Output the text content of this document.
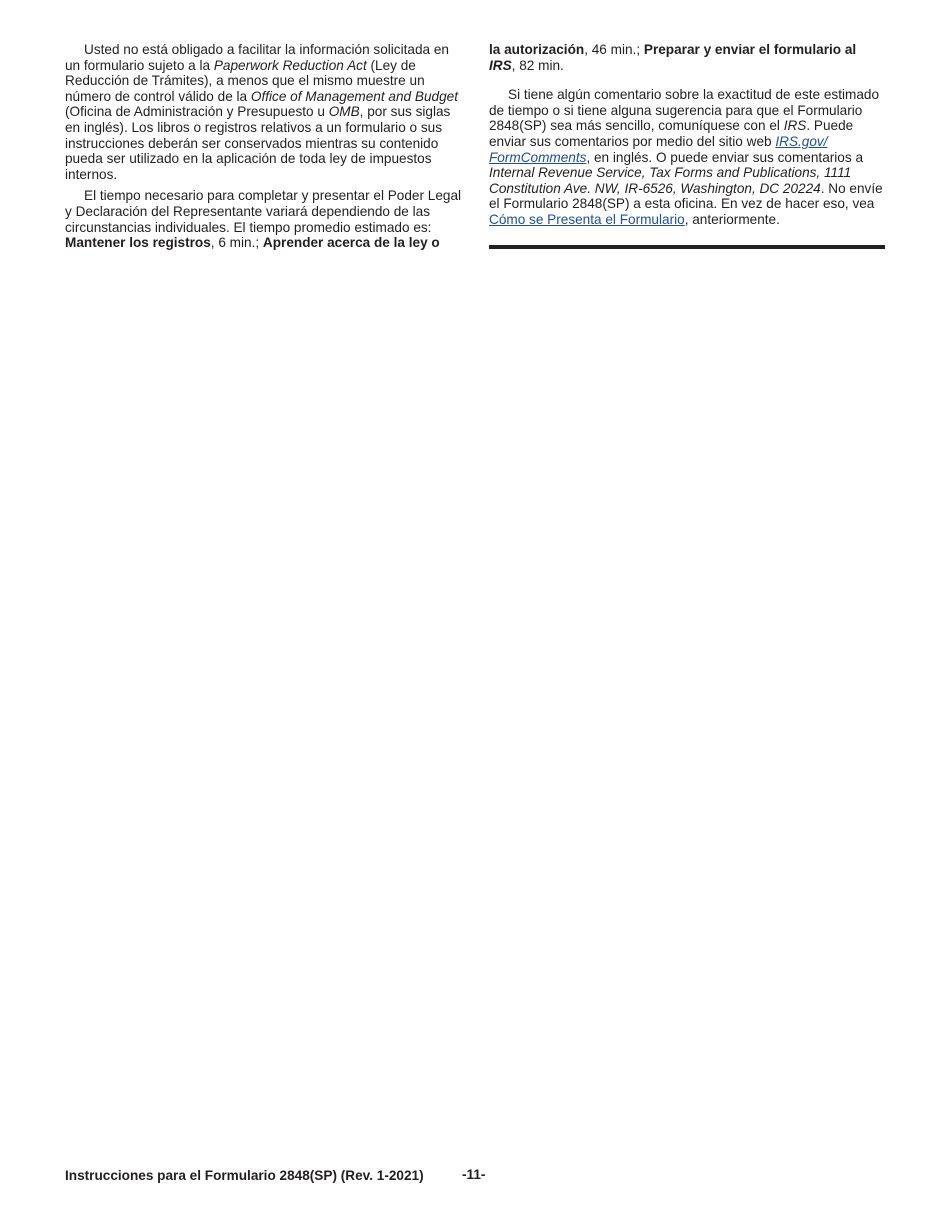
Usted no está obligado a facilitar la información solicitada en un formulario sujeto a la Paperwork Reduction Act (Ley de Reducción de Trámites), a menos que el mismo muestre un número de control válido de la Office of Management and Budget (Oficina de Administración y Presupuesto u OMB, por sus siglas en inglés). Los libros o registros relativos a un formulario o sus instrucciones deberán ser conservados mientras su contenido pueda ser utilizado en la aplicación de toda ley de impuestos internos.

El tiempo necesario para completar y presentar el Poder Legal y Declaración del Representante variará dependiendo de las circunstancias individuales. El tiempo promedio estimado es: Mantener los registros, 6 min.; Aprender acerca de la ley o

la autorización, 46 min.; Preparar y enviar el formulario al IRS, 82 min.

Si tiene algún comentario sobre la exactitud de este estimado de tiempo o si tiene alguna sugerencia para que el Formulario 2848(SP) sea más sencillo, comuníquese con el IRS. Puede enviar sus comentarios por medio del sitio web IRS.gov/
FormComments, en inglés. O puede enviar sus comentarios a Internal Revenue Service, Tax Forms and Publications, 1111 Constitution Ave. NW, IR-6526, Washington, DC 20224. No envíe el Formulario 2848(SP) a esta oficina. En vez de hacer eso, vea Cómo se Presenta el Formulario, anteriormente.

Instrucciones para el Formulario 2848(SP) (Rev. 1-2021)	-11-
